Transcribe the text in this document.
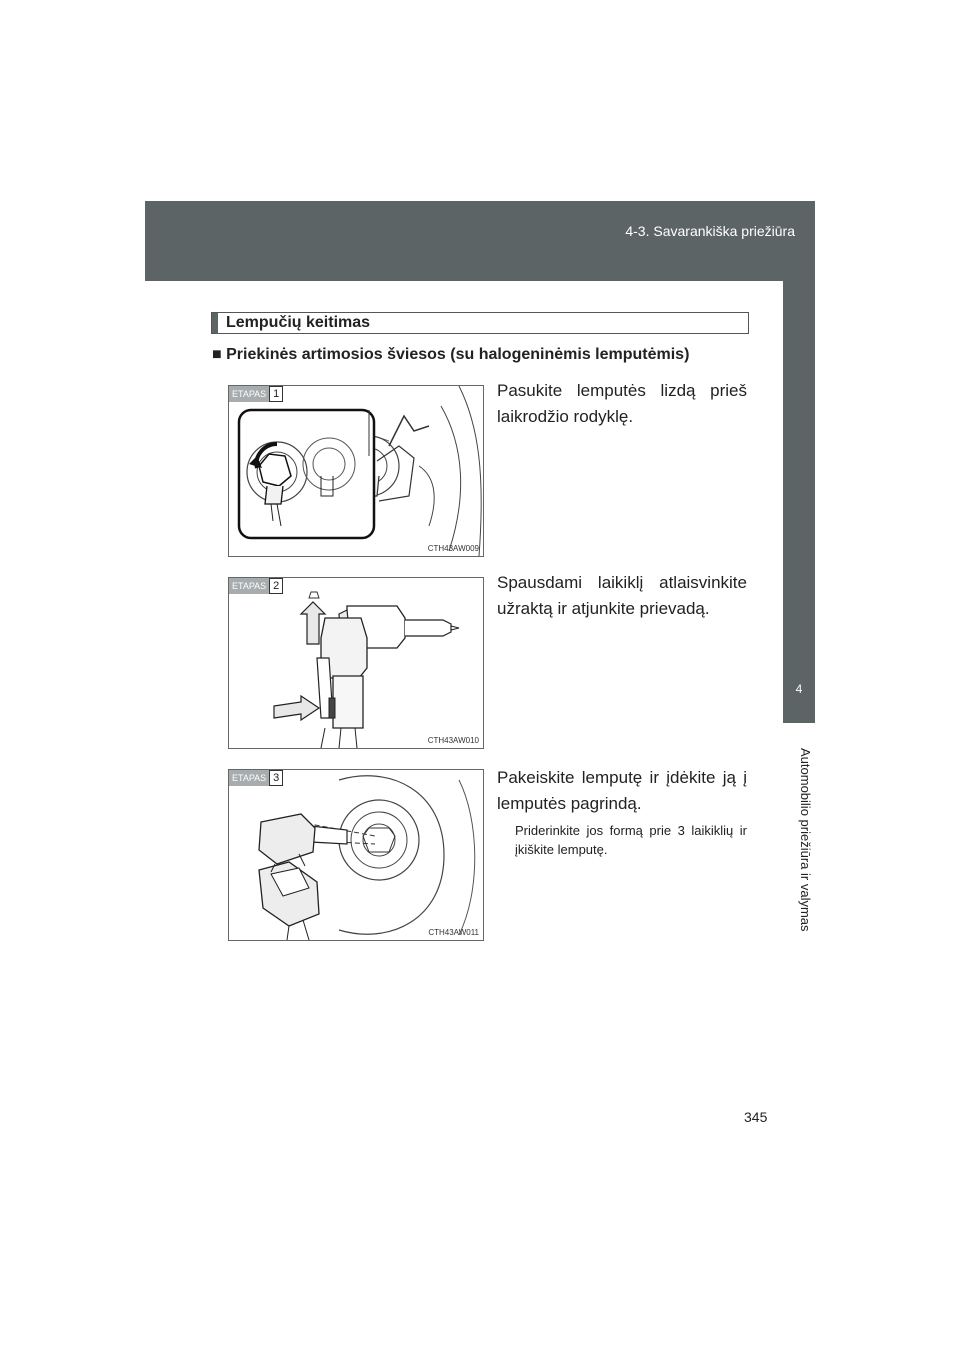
4-3. Savarankiška priežiūra
4
Automobilio priežiūra ir valymas
Lempučių keitimas
■ Priekinės artimosios šviesos (su halogeninėmis lemputėmis)
ETAPAS 1
CTH43AW009
ETAPAS 2
CTH43AW010
ETAPAS 3
CTH43AW011
Pasukite lemputės lizdą prieš laikrodžio rodyklę.
Spausdami laikiklį atlaisvinkite užraktą ir atjunkite prievadą.
Pakeiskite lemputę ir įdėkite ją į lemputės pagrindą.
Priderinkite jos formą prie 3 laikiklių ir įkiškite lemputę.
345
